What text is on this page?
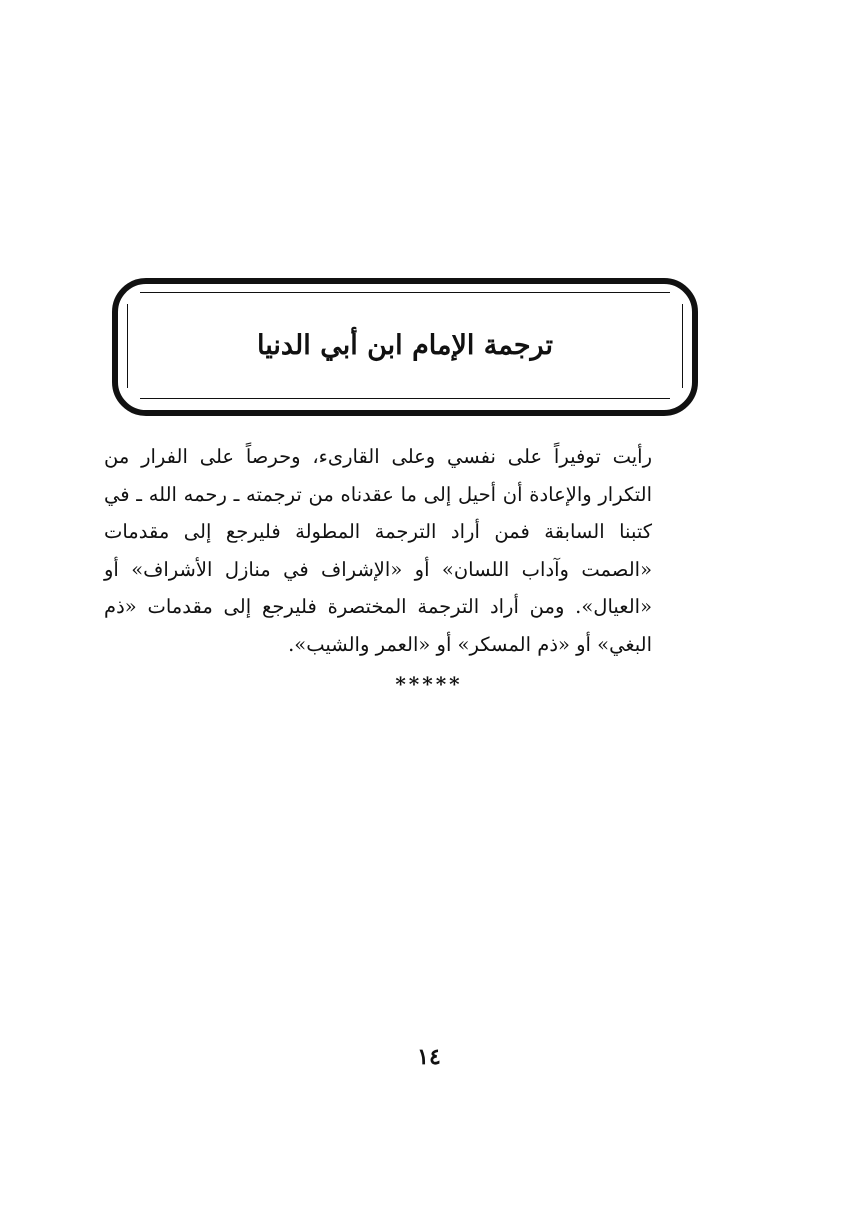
ترجمة الإمام ابن أبي الدنيا

رأيت توفيراً على نفسي وعلى القارىء، وحرصاً على الفرار من التكرار والإعادة أن أحيل إلى ما عقدناه من ترجمته ـ رحمه الله ـ في كتبنا السابقة فمن أراد الترجمة المطولة فليرجع إلى مقدمات «الصمت وآداب اللسان» أو «الإشراف في منازل الأشراف» أو «العيال». ومن أراد الترجمة المختصرة فليرجع إلى مقدمات «ذم البغي» أو «ذم المسكر» أو «العمر والشيب».

*****
١٤
